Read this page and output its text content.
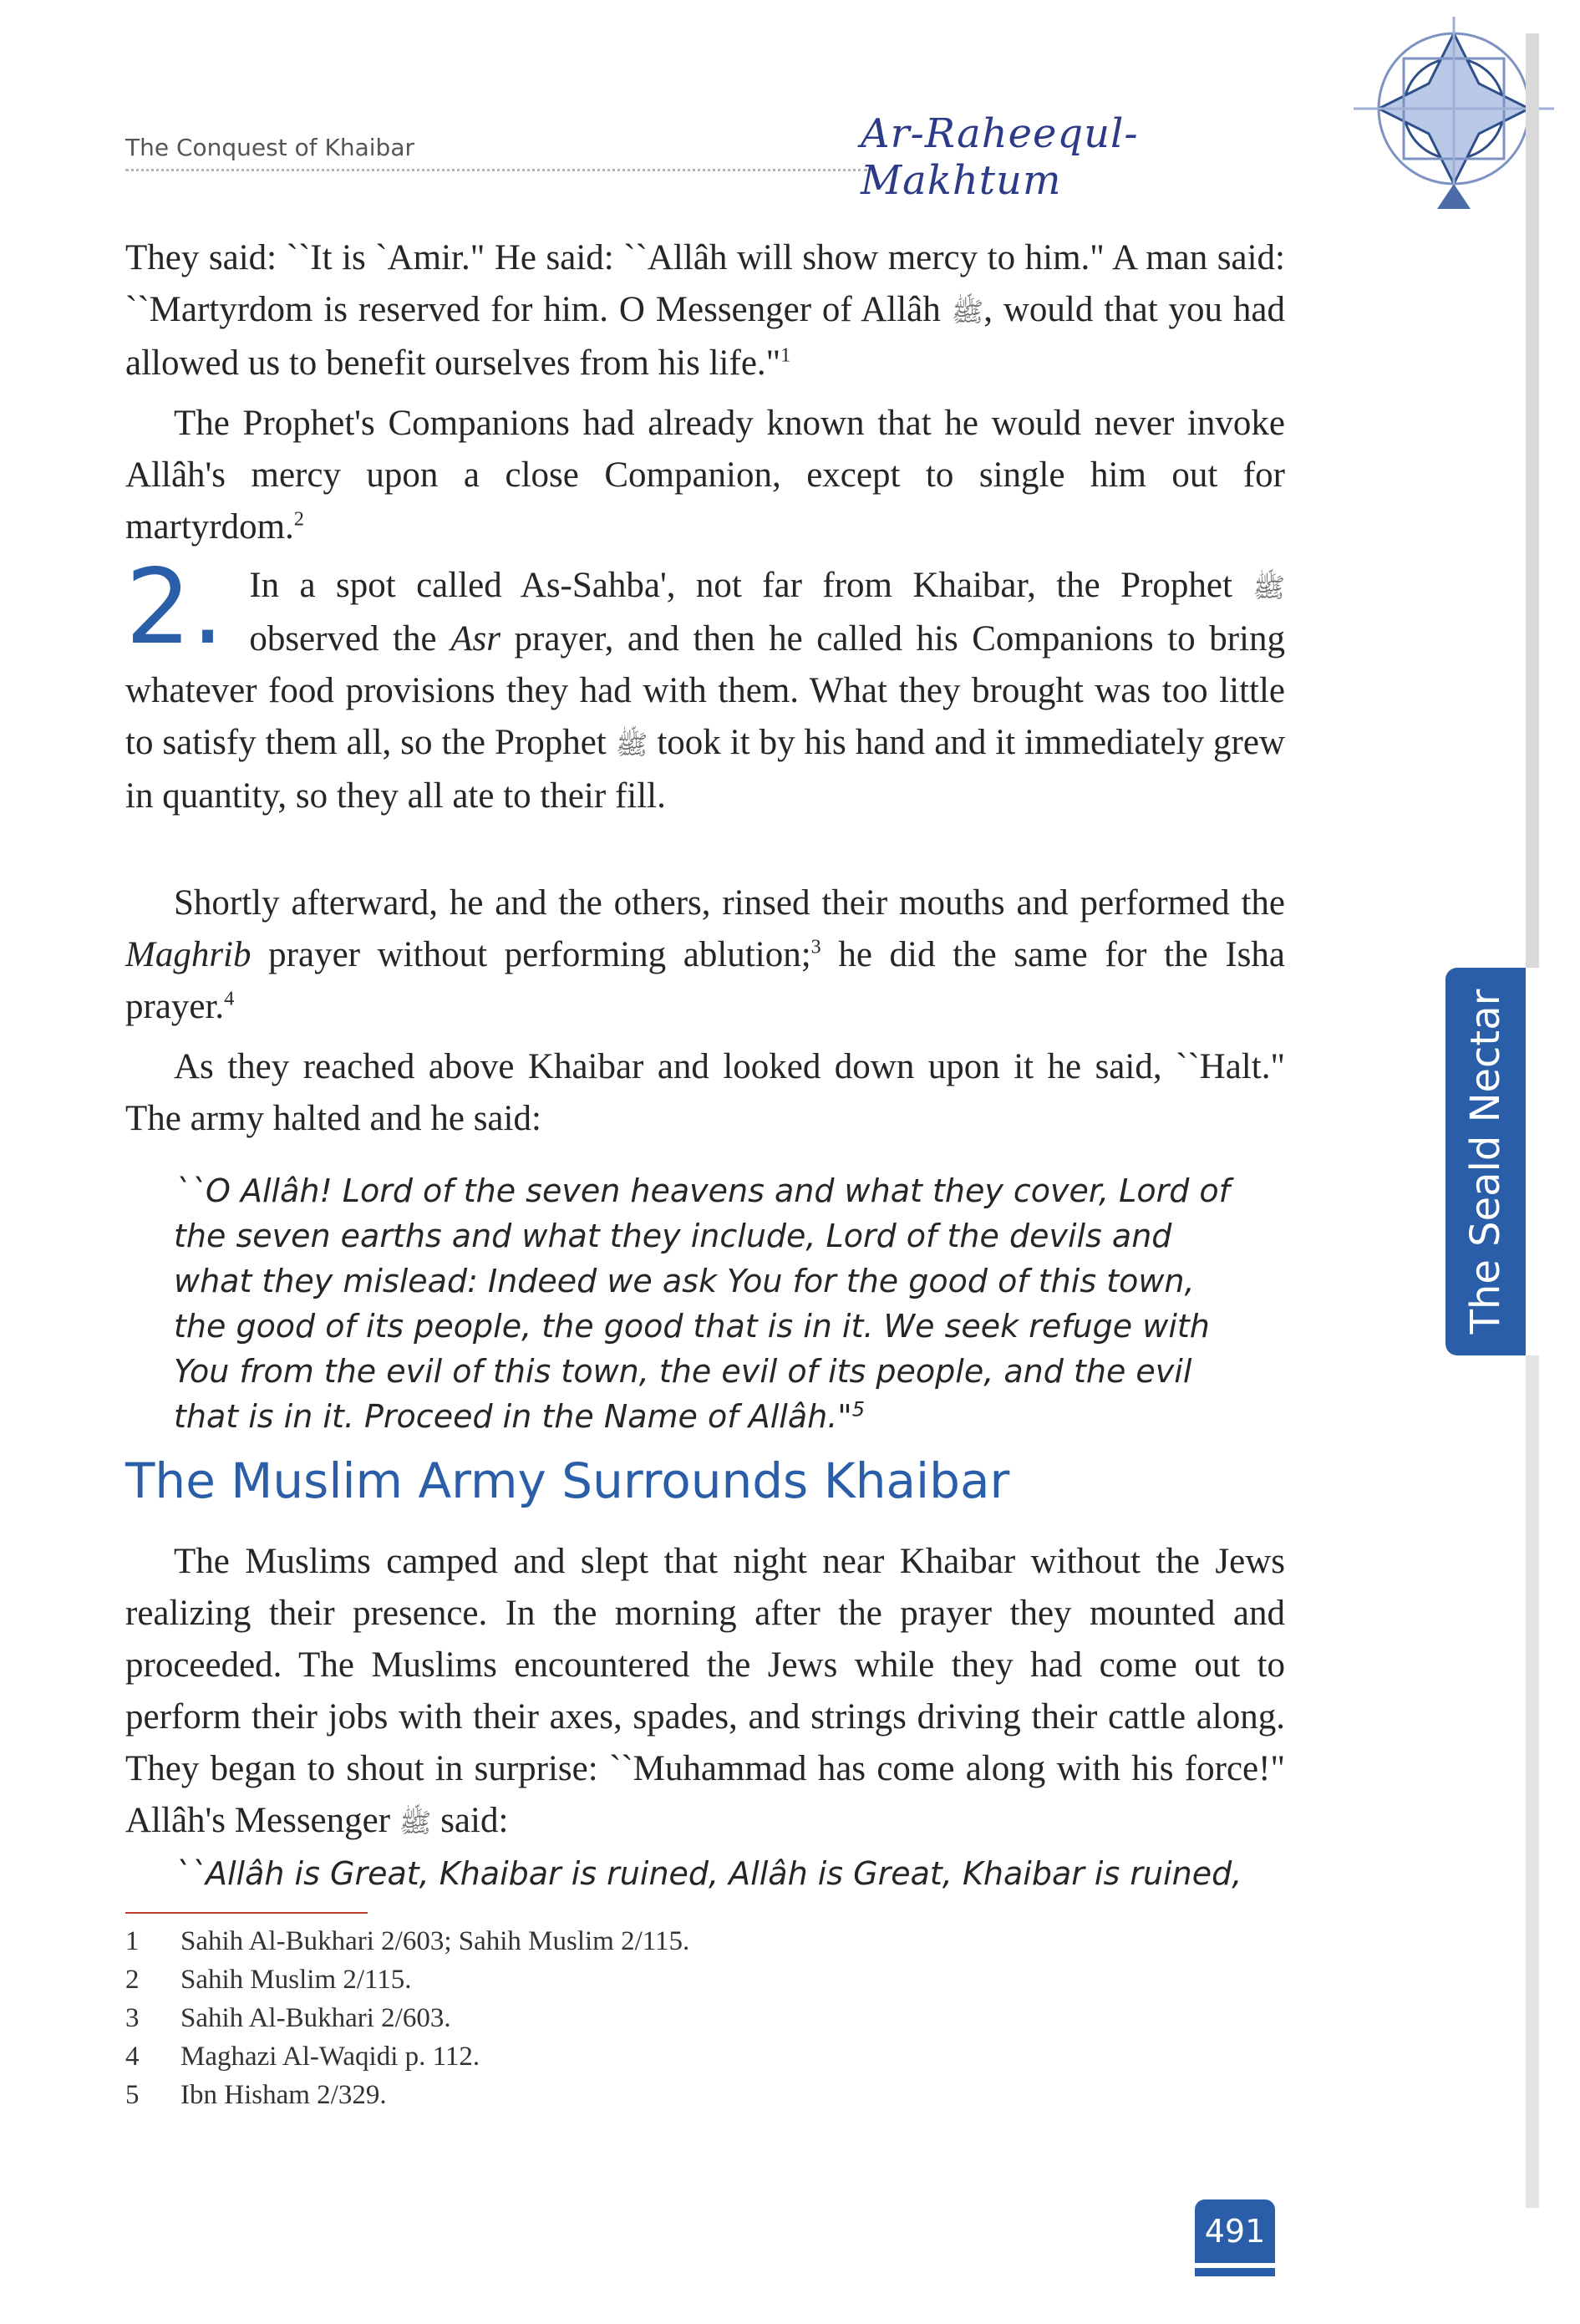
The Conquest of Khaibar	Ar-Raheequl-Makhtum
The Seald Nectar

They said: ``It is `Amir." He said: ``Allâh will show mercy to him." A man said: ``Martyrdom is reserved for him. O Messenger of Allâh ﷺ, would that you had allowed us to benefit ourselves from his life."$^1$

The Prophet's Companions had already known that he would never invoke Allâh's mercy upon a close Companion, except to single him out for martyrdom.$^2$

2. In a spot called As-Sahba', not far from Khaibar, the Prophet ﷺ observed the Asr prayer, and then he called his Companions to bring whatever food provisions they had with them. What they brought was too little to satisfy them all, so the Prophet ﷺ took it by his hand and it immediately grew in quantity, so they all ate to their fill.

Shortly afterward, he and the others, rinsed their mouths and performed the Maghrib prayer without performing ablution;$^3$ he did the same for the Isha prayer.$^4$

As they reached above Khaibar and looked down upon it he said, ``Halt." The army halted and he said:

``O Allâh! Lord of the seven heavens and what they cover, Lord of the seven earths and what they include, Lord of the devils and what they mislead: Indeed we ask You for the good of this town, the good of its people, the good that is in it. We seek refuge with You from the evil of this town, the evil of its people, and the evil that is in it. Proceed in the Name of Allâh."$^5$
The Muslim Army Surrounds Khaibar

The Muslims camped and slept that night near Khaibar without the Jews realizing their presence. In the morning after the prayer they mounted and proceeded. The Muslims encountered the Jews while they had come out to perform their jobs with their axes, spades, and strings driving their cattle along. They began to shout in surprise: ``Muhammad has come along with his force!" Allâh's Messenger ﷺ said:

``Allâh is Great, Khaibar is ruined, Allâh is Great, Khaibar is ruined,
1	Sahih Al-Bukhari 2/603; Sahih Muslim 2/115.
2	Sahih Muslim 2/115.
3	Sahih Al-Bukhari 2/603.
4	Maghazi Al-Waqidi p. 112.
5	Ibn Hisham 2/329.
491
